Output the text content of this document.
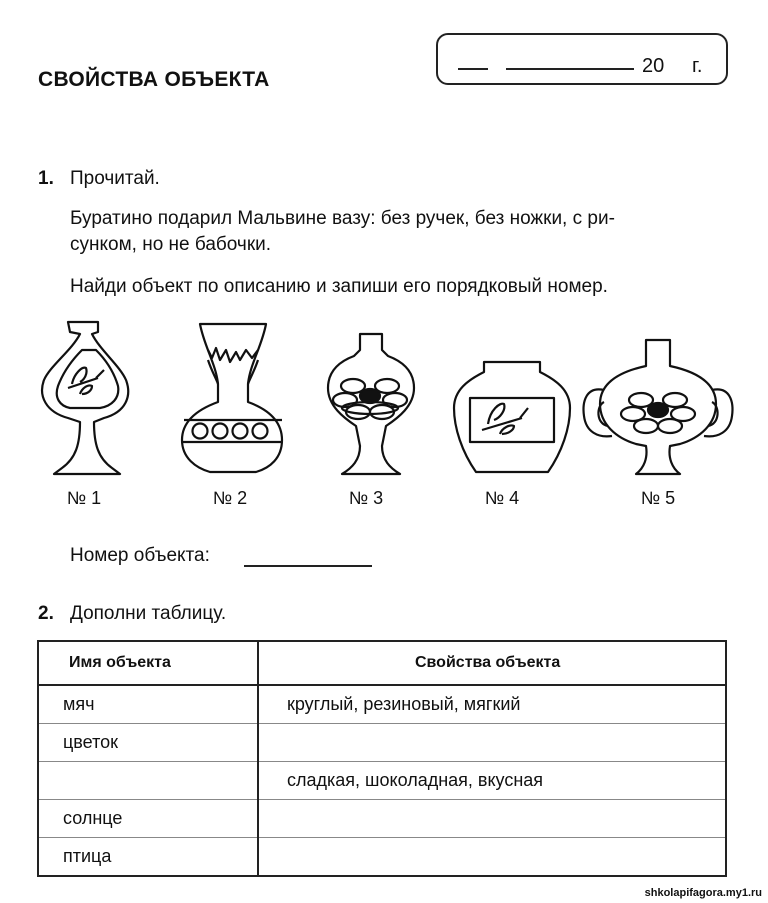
СВОЙСТВА ОБЪЕКТА
20 г.
1. Прочитай.
Буратино подарил Мальвине вазу: без ручек, без ножки, с ри-
сунком, но не бабочки.
Найди объект по описанию и запиши его порядковый номер.
№ 1	№ 2	№ 3	№ 4	№ 5
Номер объекта:
2. Дополни таблицу.
Имя объекта	Свойства объекта
мяч	круглый, резиновый, мягкий
цветок	
	сладкая, шоколадная, вкусная
солнце	
птица	
shkolapifagora.my1.ru
